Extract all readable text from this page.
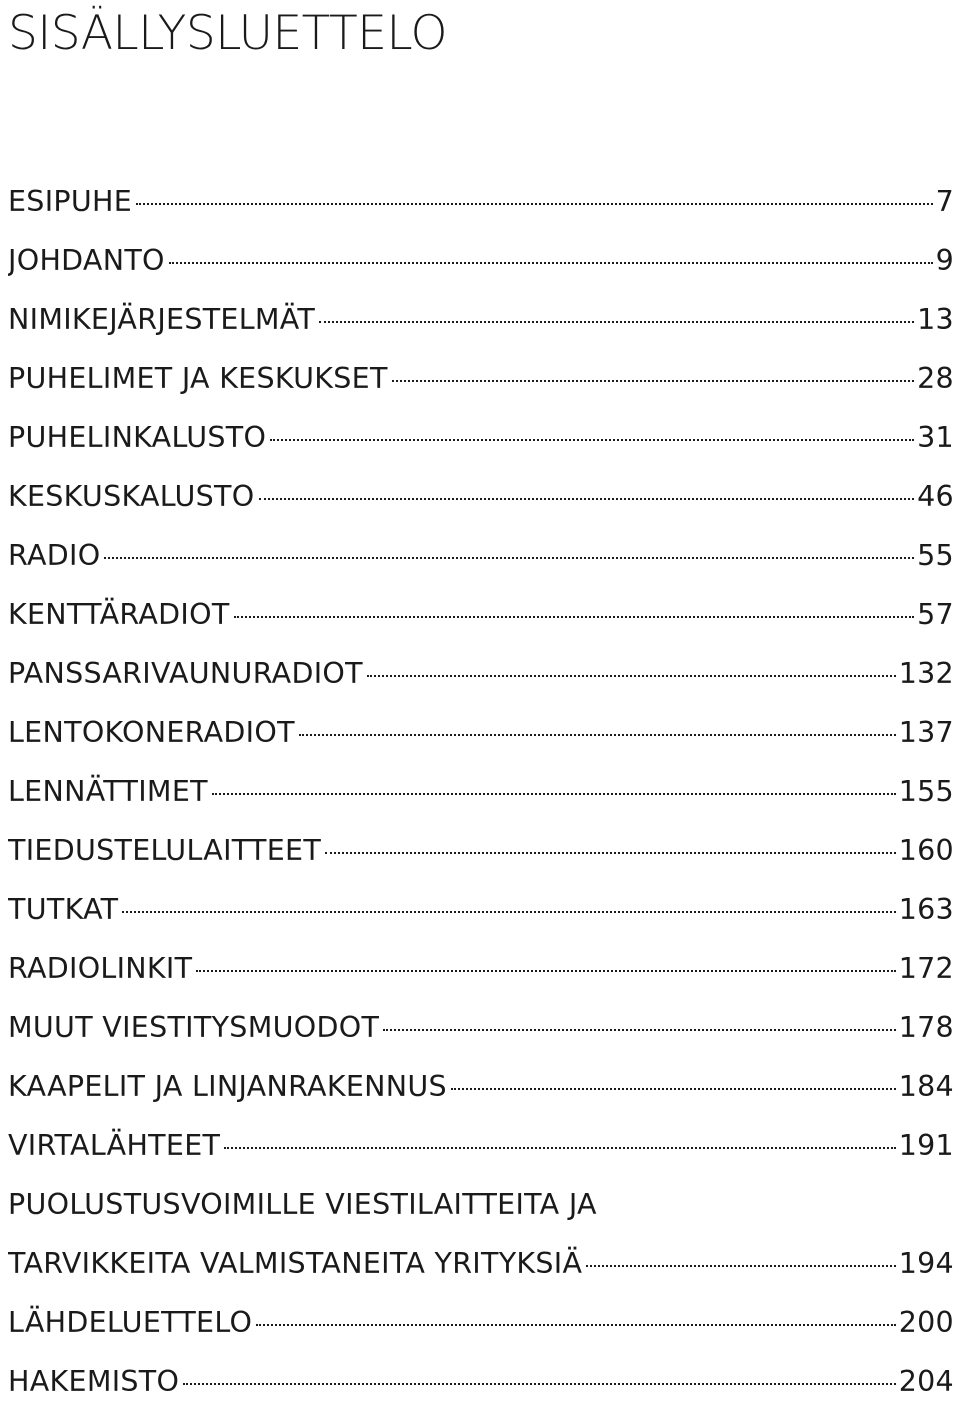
SISÄLLYSLUETTELO
ESIPUHE	7
JOHDANTO	9
NIMIKEJÄRJESTELMÄT	13
PUHELIMET JA KESKUKSET	28
PUHELINKALUSTO	31
KESKUSKALUSTO	46
RADIO	55
KENTTÄRADIOT	57
PANSSARIVAUNURADIOT	132
LENTOKONERADIOT	137
LENNÄTTIMET	155
TIEDUSTELULAITTEET	160
TUTKAT	163
RADIOLINKIT	172
MUUT VIESTITYSMUODOT	178
KAAPELIT JA LINJANRAKENNUS	184
VIRTALÄHTEET	191
PUOLUSTUSVOIMILLE VIESTILAITTEITA JA
TARVIKKEITA VALMISTANEITA YRITYKSIÄ	194
LÄHDELUETTELO	200
HAKEMISTO	204
